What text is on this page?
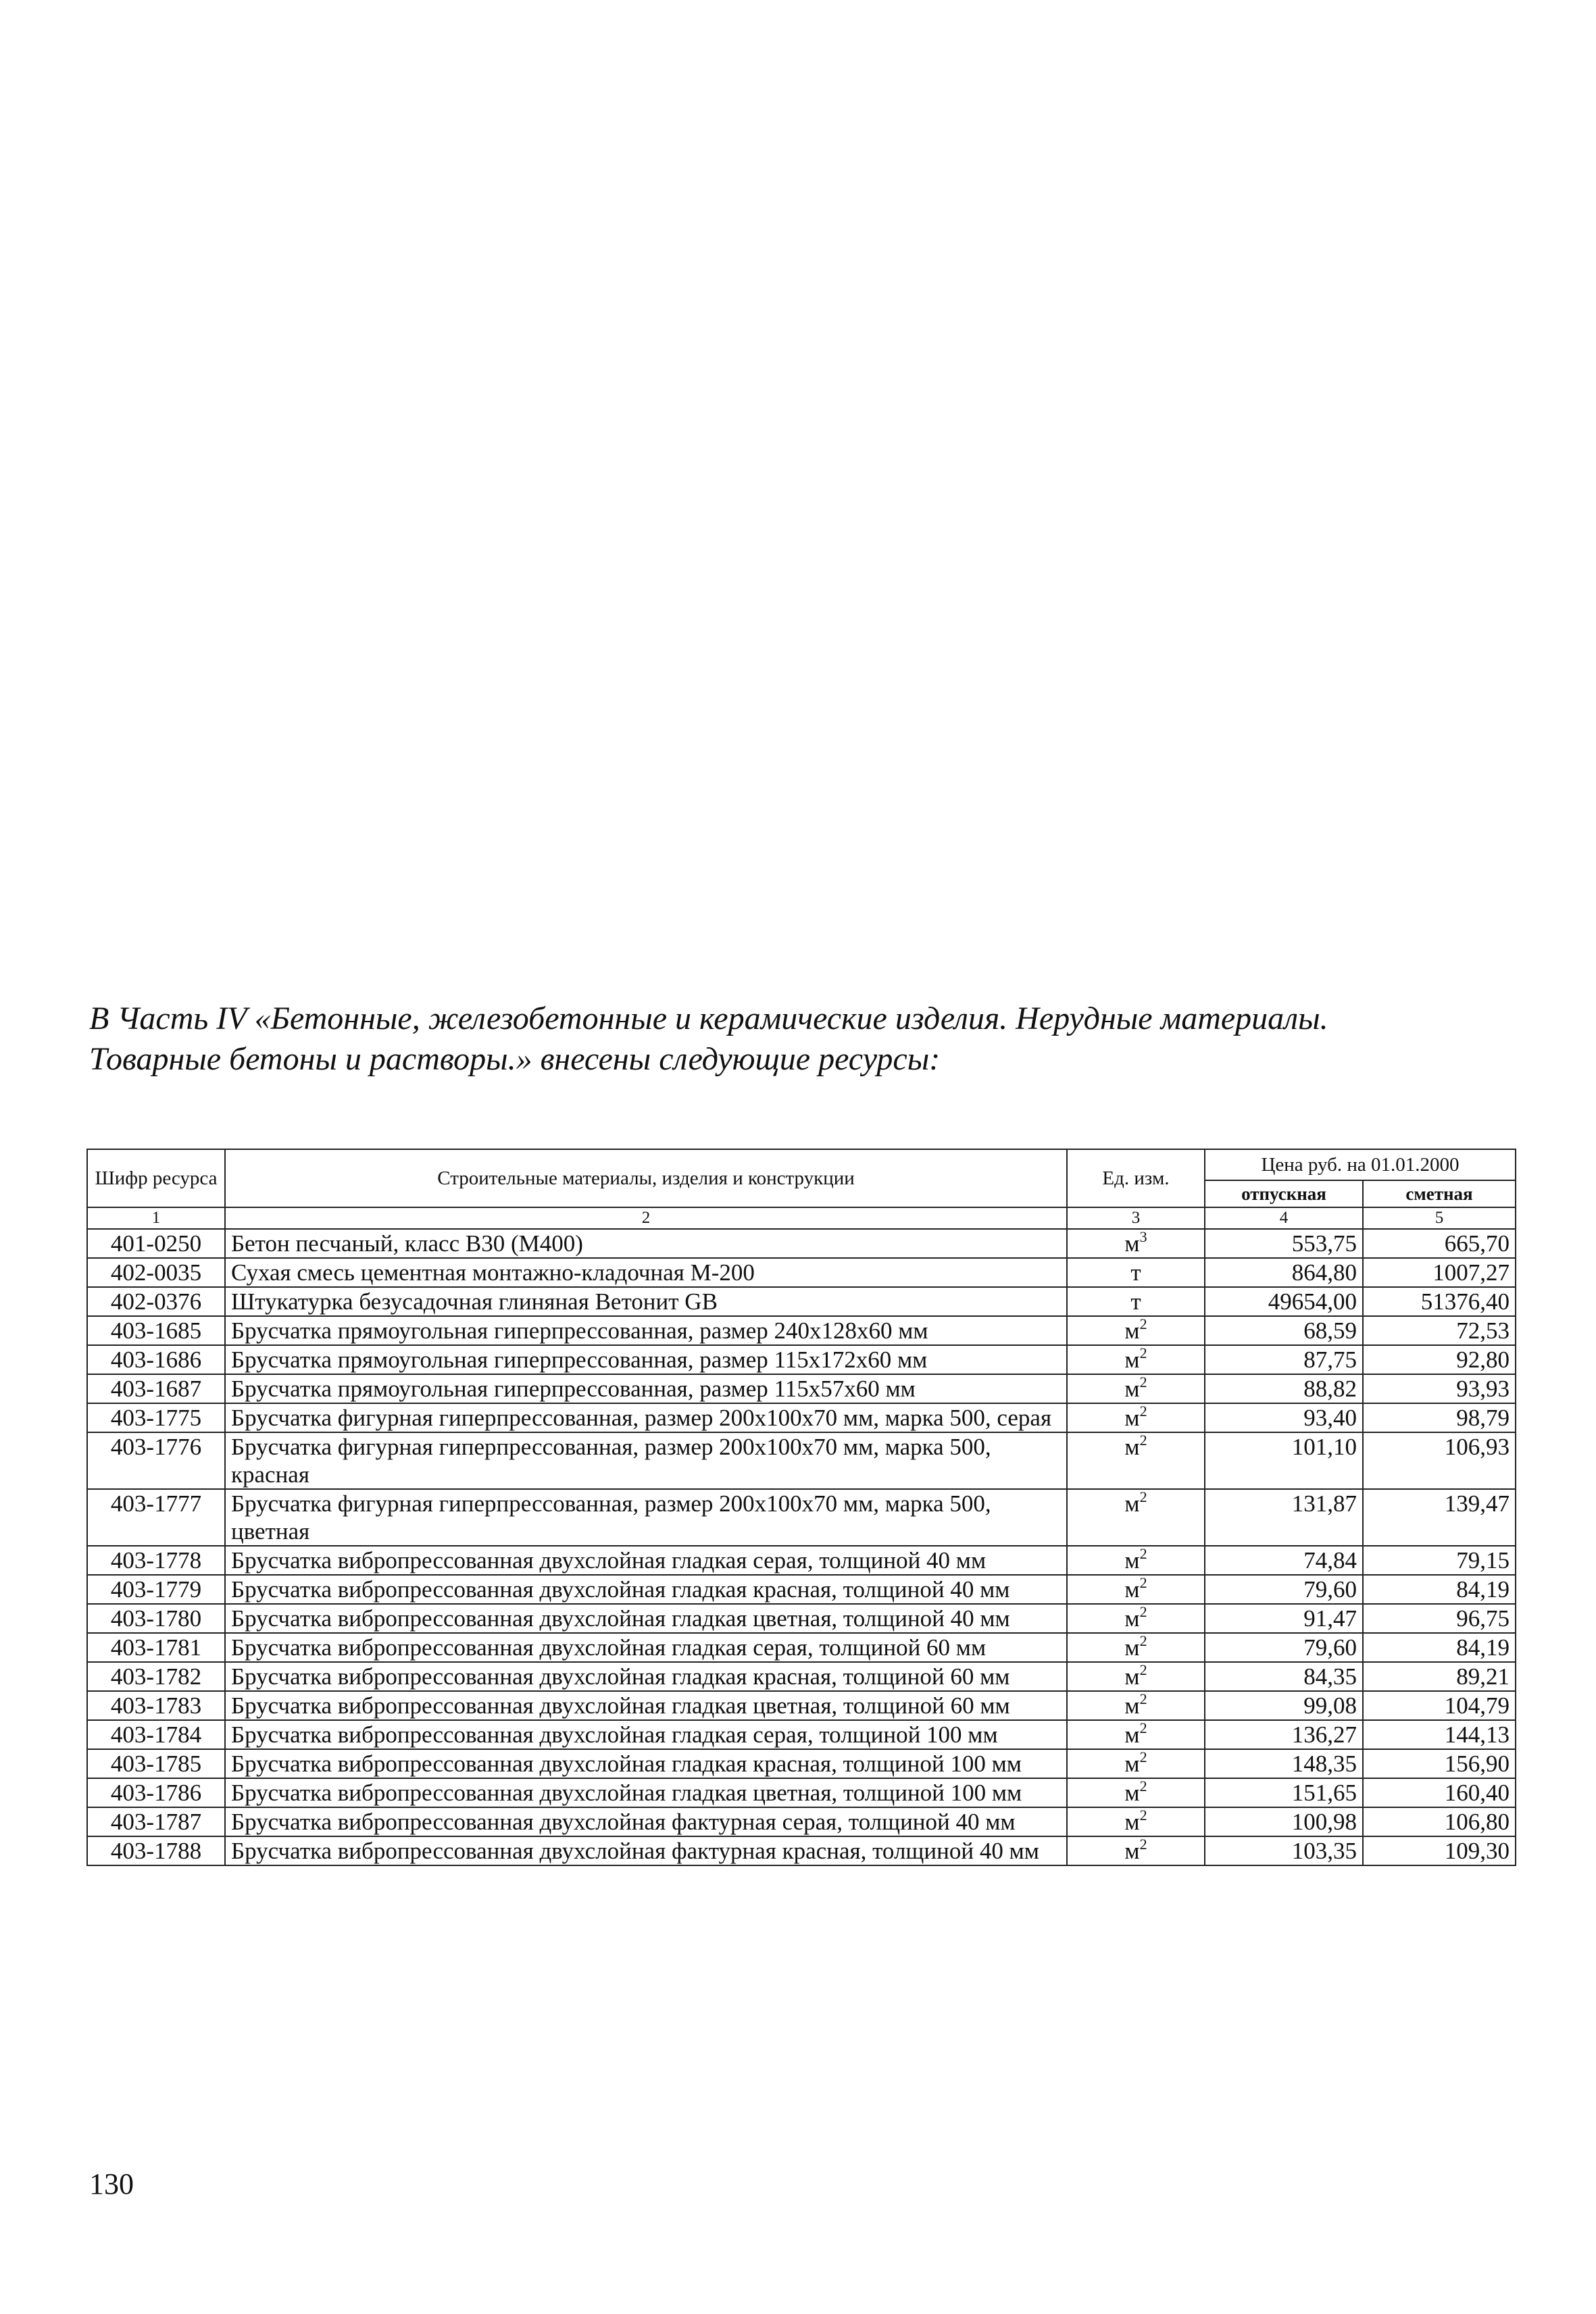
В Часть IV «Бетонные, железобетонные и керамические изделия. Нерудные материалы.
Товарные бетоны и растворы.» внесены следующие ресурсы:
Шифр ресурса	Строительные материалы, изделия и конструкции	Ед. изм.	Цена руб. на 01.01.2000	
			отпускная	сметная
1	2	3	4	5
401-0250	Бетон песчаный, класс В30 (М400)	$м^3$	553,75	665,70
402-0035	Сухая смесь цементная монтажно-кладочная М-200	т	864,80	1007,27
402-0376	Штукатурка безусадочная глиняная Ветонит GB	т	49654,00	51376,40
403-1685	Брусчатка прямоугольная гиперпрессованная, размер 240x128x60 мм	$м^2$	68,59	72,53
403-1686	Брусчатка прямоугольная гиперпрессованная, размер 115x172x60 мм	$м^2$	87,75	92,80
403-1687	Брусчатка прямоугольная гиперпрессованная, размер 115x57x60 мм	$м^2$	88,82	93,93
403-1775	Брусчатка фигурная гиперпрессованная, размер 200x100x70 мм, марка 500, серая	$м^2$	93,40	98,79
403-1776	Брусчатка фигурная гиперпрессованная, размер 200x100x70 мм, марка 500, красная	$м^2$	101,10	106,93
403-1777	Брусчатка фигурная гиперпрессованная, размер 200x100x70 мм, марка 500, цветная	$м^2$	131,87	139,47
403-1778	Брусчатка вибропрессованная двухслойная гладкая серая, толщиной 40 мм	$м^2$	74,84	79,15
403-1779	Брусчатка вибропрессованная двухслойная гладкая красная, толщиной 40 мм	$м^2$	79,60	84,19
403-1780	Брусчатка вибропрессованная двухслойная гладкая цветная, толщиной 40 мм	$м^2$	91,47	96,75
403-1781	Брусчатка вибропрессованная двухслойная гладкая серая, толщиной 60 мм	$м^2$	79,60	84,19
403-1782	Брусчатка вибропрессованная двухслойная гладкая красная, толщиной 60 мм	$м^2$	84,35	89,21
403-1783	Брусчатка вибропрессованная двухслойная гладкая цветная, толщиной 60 мм	$м^2$	99,08	104,79
403-1784	Брусчатка вибропрессованная двухслойная гладкая серая, толщиной 100 мм	$м^2$	136,27	144,13
403-1785	Брусчатка вибропрессованная двухслойная гладкая красная, толщиной 100 мм	$м^2$	148,35	156,90
403-1786	Брусчатка вибропрессованная двухслойная гладкая цветная, толщиной 100 мм	$м^2$	151,65	160,40
403-1787	Брусчатка вибропрессованная двухслойная фактурная серая, толщиной 40 мм	$м^2$	100,98	106,80
403-1788	Брусчатка вибропрессованная двухслойная фактурная красная, толщиной 40 мм	$м^2$	103,35	109,30
130
